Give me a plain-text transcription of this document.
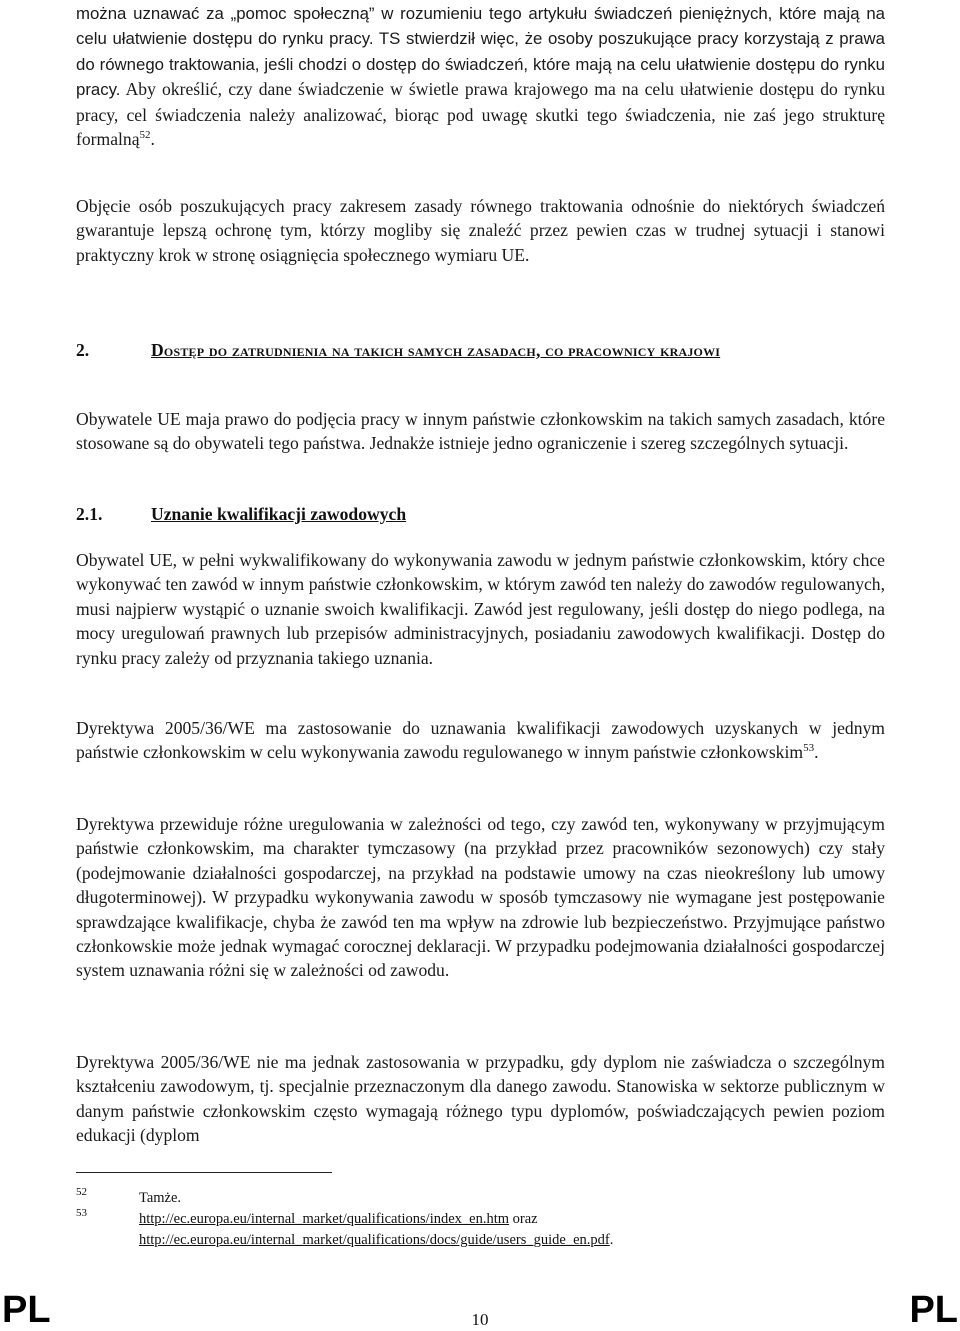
można uznawać za „pomoc społeczną” w rozumieniu tego artykułu świadczeń pieniężnych, które mają na celu ułatwienie dostępu do rynku pracy. TS stwierdził więc, że osoby poszukujące pracy korzystają z prawa do równego traktowania, jeśli chodzi o dostęp do świadczeń, które mają na celu ułatwienie dostępu do rynku pracy. Aby określić, czy dane świadczenie w świetle prawa krajowego ma na celu ułatwienie dostępu do rynku pracy, cel świadczenia należy analizować, biorąc pod uwagę skutki tego świadczenia, nie zaś jego strukturę formalną$^{52}$.

Objęcie osób poszukujących pracy zakresem zasady równego traktowania odnośnie do niektórych świadczeń gwarantuje lepszą ochronę tym, którzy mogliby się znaleźć przez pewien czas w trudnej sytuacji i stanowi praktyczny krok w stronę osiągnięcia społecznego wymiaru UE.

2.	Dostęp do zatrudnienia na takich samych zasadach, co pracownicy krajowi

Obywatele UE maja prawo do podjęcia pracy w innym państwie członkowskim na takich samych zasadach, które stosowane są do obywateli tego państwa. Jednakże istnieje jedno ograniczenie i szereg szczególnych sytuacji.

2.1.	Uznanie kwalifikacji zawodowych

Obywatel UE, w pełni wykwalifikowany do wykonywania zawodu w jednym państwie członkowskim, który chce wykonywać ten zawód w innym państwie członkowskim, w którym zawód ten należy do zawodów regulowanych, musi najpierw wystąpić o uznanie swoich kwalifikacji. Zawód jest regulowany, jeśli dostęp do niego podlega, na mocy uregulowań prawnych lub przepisów administracyjnych, posiadaniu zawodowych kwalifikacji. Dostęp do rynku pracy zależy od przyznania takiego uznania.

Dyrektywa 2005/36/WE ma zastosowanie do uznawania kwalifikacji zawodowych uzyskanych w jednym państwie członkowskim w celu wykonywania zawodu regulowanego w innym państwie członkowskim$^{53}$.

Dyrektywa przewiduje różne uregulowania w zależności od tego, czy zawód ten, wykonywany w przyjmującym państwie członkowskim, ma charakter tymczasowy (na przykład przez pracowników sezonowych) czy stały (podejmowanie działalności gospodarczej, na przykład na podstawie umowy na czas nieokreślony lub umowy długoterminowej). W przypadku wykonywania zawodu w sposób tymczasowy nie wymagane jest postępowanie sprawdzające kwalifikacje, chyba że zawód ten ma wpływ na zdrowie lub bezpieczeństwo. Przyjmujące państwo członkowskie może jednak wymagać corocznej deklaracji. W przypadku podejmowania działalności gospodarczej system uznawania różni się w zależności od zawodu.

Dyrektywa 2005/36/WE nie ma jednak zastosowania w przypadku, gdy dyplom nie zaświadcza o szczególnym kształceniu zawodowym, tj. specjalnie przeznaczonym dla danego zawodu. Stanowiska w sektorze publicznym w danym państwie członkowskim często wymagają różnego typu dyplomów, poświadczających pewien poziom edukacji (dyplom

52	Tamże.
53	http://ec.europa.eu/internal_market/qualifications/index_en.htm oraz
http://ec.europa.eu/internal_market/qualifications/docs/guide/users_guide_en.pdf.
PL	10	PL
